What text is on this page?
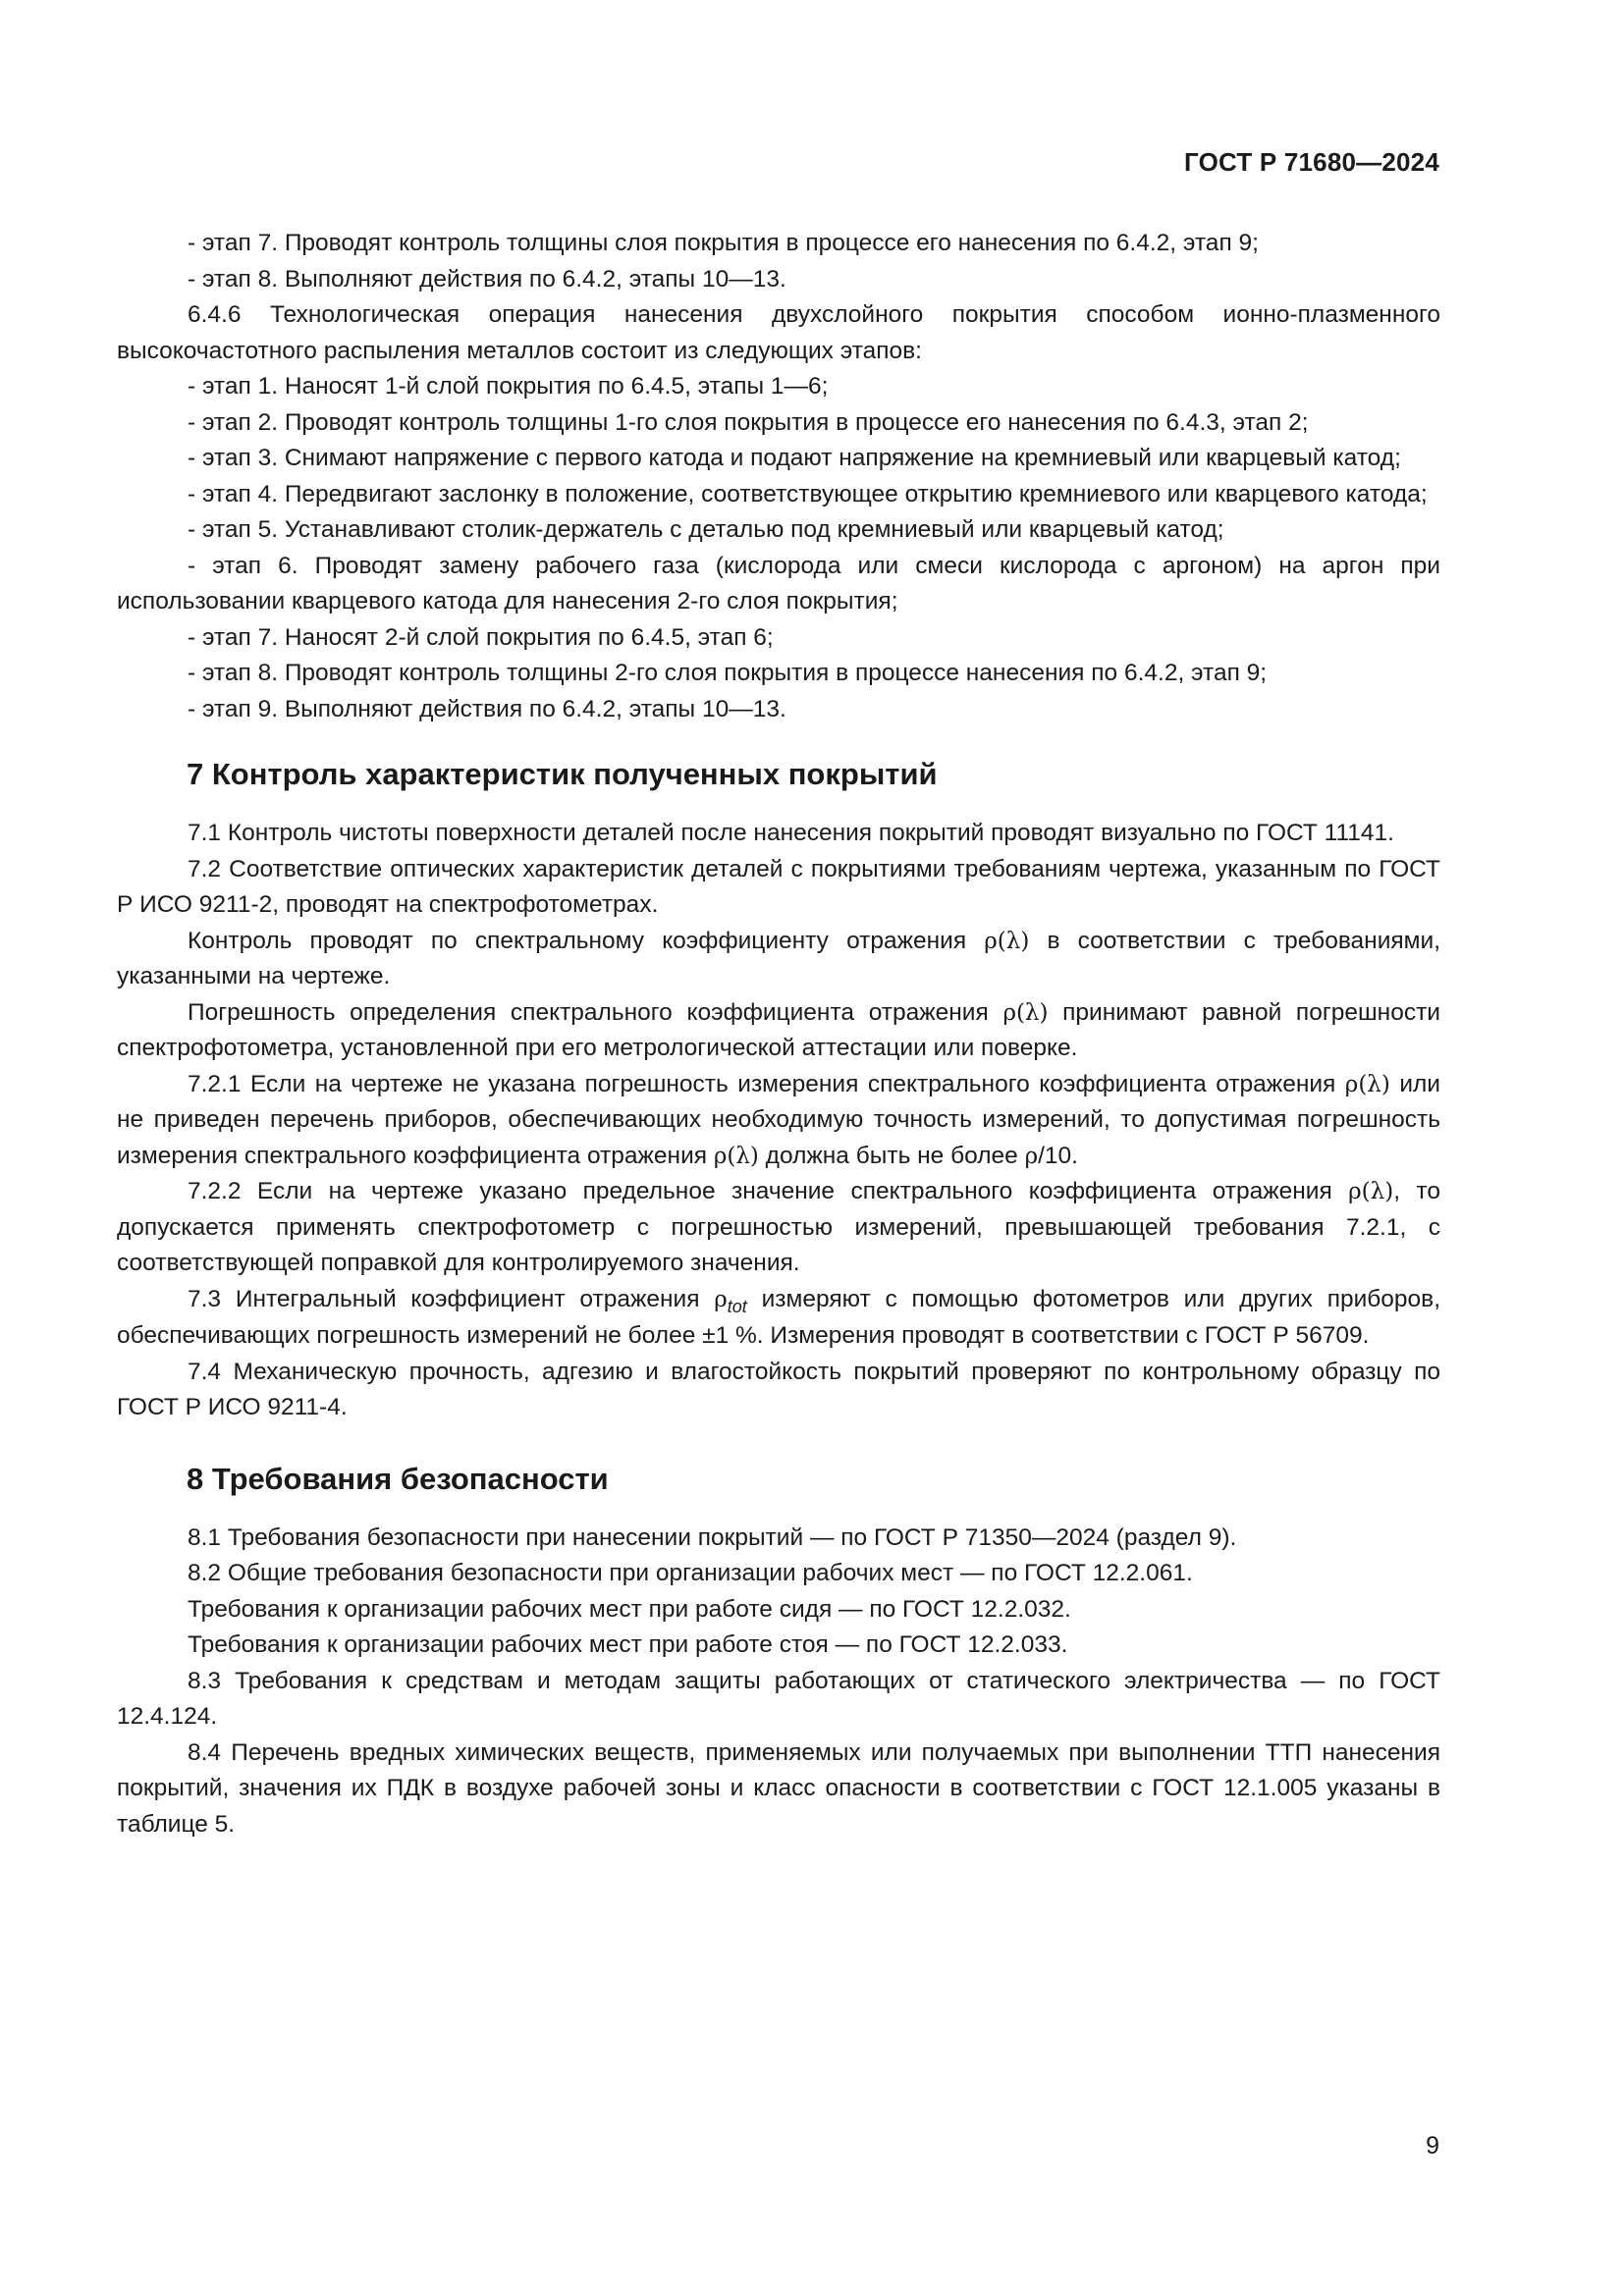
ГОСТ Р 71680—2024

- этап 7. Проводят контроль толщины слоя покрытия в процессе его нанесения по 6.4.2, этап 9;

- этап 8. Выполняют действия по 6.4.2, этапы 10—13.

6.4.6 Технологическая операция нанесения двухслойного покрытия способом ионно-плазменного высокочастотного распыления металлов состоит из следующих этапов:

- этап 1. Наносят 1-й слой покрытия по 6.4.5, этапы 1—6;

- этап 2. Проводят контроль толщины 1-го слоя покрытия в процессе его нанесения по 6.4.3, этап 2;

- этап 3. Снимают напряжение с первого катода и подают напряжение на кремниевый или кварцевый катод;

- этап 4. Передвигают заслонку в положение, соответствующее открытию кремниевого или кварцевого катода;

- этап 5. Устанавливают столик-держатель с деталью под кремниевый или кварцевый катод;

- этап 6. Проводят замену рабочего газа (кислорода или смеси кислорода с аргоном) на аргон при использовании кварцевого катода для нанесения 2-го слоя покрытия;

- этап 7. Наносят 2-й слой покрытия по 6.4.5, этап 6;

- этап 8. Проводят контроль толщины 2-го слоя покрытия в процессе нанесения по 6.4.2, этап 9;

- этап 9. Выполняют действия по 6.4.2, этапы 10—13.

7 Контроль характеристик полученных покрытий

7.1 Контроль чистоты поверхности деталей после нанесения покрытий проводят визуально по ГОСТ 11141.

7.2 Соответствие оптических характеристик деталей с покрытиями требованиям чертежа, указанным по ГОСТ Р ИСО 9211-2, проводят на спектрофотометрах.

Контроль проводят по спектральному коэффициенту отражения ρ(λ) в соответствии с требованиями, указанными на чертеже.

Погрешность определения спектрального коэффициента отражения ρ(λ) принимают равной погрешности спектрофотометра, установленной при его метрологической аттестации или поверке.

7.2.1 Если на чертеже не указана погрешность измерения спектрального коэффициента отражения ρ(λ) или не приведен перечень приборов, обеспечивающих необходимую точность измерений, то допустимая погрешность измерения спектрального коэффициента отражения ρ(λ) должна быть не более ρ/10.

7.2.2 Если на чертеже указано предельное значение спектрального коэффициента отражения ρ(λ), то допускается применять спектрофотометр с погрешностью измерений, превышающей требования 7.2.1, с соответствующей поправкой для контролируемого значения.

7.3 Интегральный коэффициент отражения $\rho_{tot}$ измеряют с помощью фотометров или других приборов, обеспечивающих погрешность измерений не более ±1 %. Измерения проводят в соответствии с ГОСТ Р 56709.

7.4 Механическую прочность, адгезию и влагостойкость покрытий проверяют по контрольному образцу по ГОСТ Р ИСО 9211-4.

8 Требования безопасности

8.1 Требования безопасности при нанесении покрытий — по ГОСТ Р 71350—2024 (раздел 9).

8.2 Общие требования безопасности при организации рабочих мест — по ГОСТ 12.2.061.

Требования к организации рабочих мест при работе сидя — по ГОСТ 12.2.032.

Требования к организации рабочих мест при работе стоя — по ГОСТ 12.2.033.

8.3 Требования к средствам и методам защиты работающих от статического электричества — по ГОСТ 12.4.124.

8.4 Перечень вредных химических веществ, применяемых или получаемых при выполнении ТТП нанесения покрытий, значения их ПДК в воздухе рабочей зоны и класс опасности в соответствии с ГОСТ 12.1.005 указаны в таблице 5.

9
